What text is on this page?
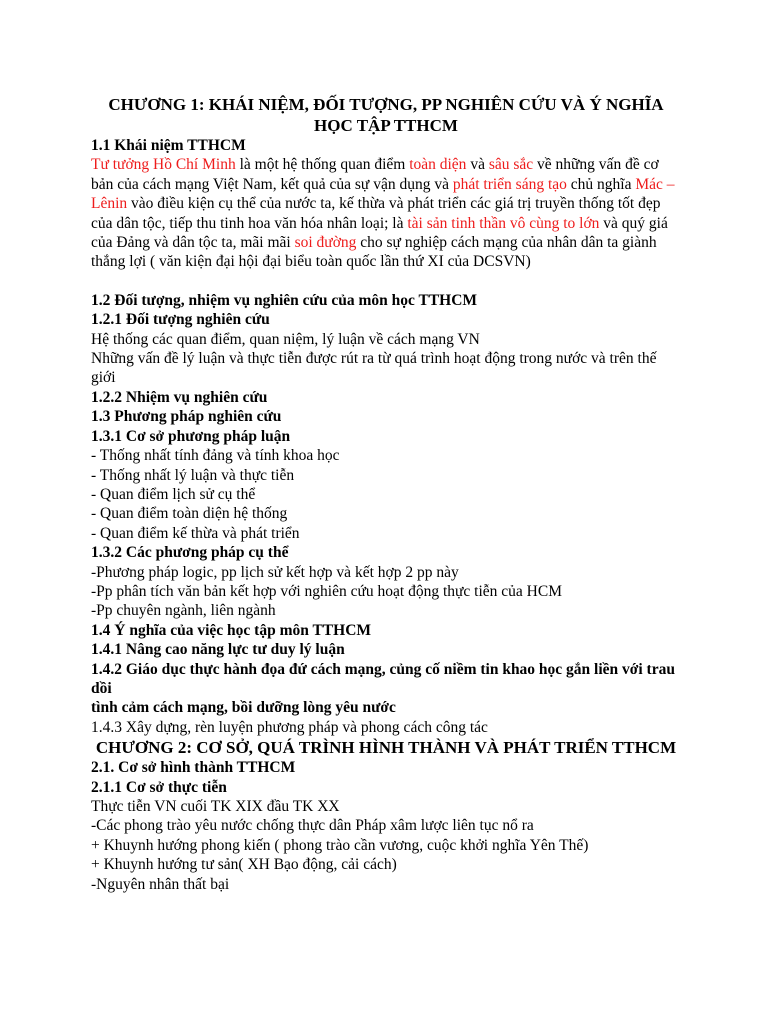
CHƯƠNG 1: KHÁI NIỆM, ĐỐI TƯỢNG, PP NGHIÊN CỨU VÀ Ý NGHĨA HỌC TẬP TTHCM
1.1 Khái niệm TTHCM
Tư tưởng Hồ Chí Minh là một hệ thống quan điểm toàn diện và sâu sắc về những vấn đề cơ bản của cách mạng Việt Nam, kết quả của sự vận dụng và phát triển sáng tạo chủ nghĩa Mác – Lênin vào điều kiện cụ thể của nước ta, kế thừa và phát triển các giá trị truyền thống tốt đẹp của dân tộc, tiếp thu tinh hoa văn hóa nhân loại; là tài sản tinh thần vô cùng to lớn và quý giá của Đảng và dân tộc ta, mãi mãi soi đường cho sự nghiệp cách mạng của nhân dân ta giành thắng lợi ( văn kiện đại hội đại biểu toàn quốc lần thứ XI của DCSVN)
1.2 Đối tượng, nhiệm vụ nghiên cứu của môn học TTHCM
1.2.1 Đối tượng nghiên cứu
Hệ thống các quan điểm, quan niệm, lý luận về cách mạng VN
Những vấn đề lý luận và thực tiễn được rút ra từ quá trình hoạt động trong nước và trên thế giới
1.2.2 Nhiệm vụ nghiên cứu
1.3 Phương pháp nghiên cứu
1.3.1 Cơ sở phương pháp luận
- Thống nhất tính đảng và tính khoa học
- Thống nhất lý luận và thực tiễn
- Quan điểm lịch sử cụ thể
- Quan điểm toàn diện hệ thống
- Quan điểm kế thừa và phát triển
1.3.2 Các phương pháp cụ thể
-Phương pháp logic, pp lịch sử kết hợp và kết hợp 2 pp này
-Pp phân tích văn bản kết hợp với nghiên cứu hoạt động thực tiễn của HCM
-Pp chuyên ngành, liên ngành
1.4 Ý nghĩa của việc học tập môn TTHCM
1.4.1 Nâng cao năng lực tư duy lý luận
1.4.2 Giáo dục thực hành đọa đứ cách mạng, củng cố niềm tin khao học gắn liền với trau dồi
tình cảm cách mạng, bồi dưỡng lòng yêu nước
1.4.3 Xây dựng, rèn luyện phương pháp và phong cách công tác
CHƯƠNG 2: CƠ SỞ, QUÁ TRÌNH HÌNH THÀNH VÀ PHÁT TRIỂN TTHCM
2.1. Cơ sở hình thành TTHCM
2.1.1 Cơ sở thực tiễn
Thực tiễn VN cuối TK XIX đầu TK XX
-Các phong trào yêu nước chống thực dân Pháp xâm lược liên tục nổ ra
+ Khuynh hướng phong kiến ( phong trào cần vương, cuộc khởi nghĩa Yên Thế)
+ Khuynh hướng tư sản( XH Bạo động, cải cách)
-Nguyên nhân thất bại
